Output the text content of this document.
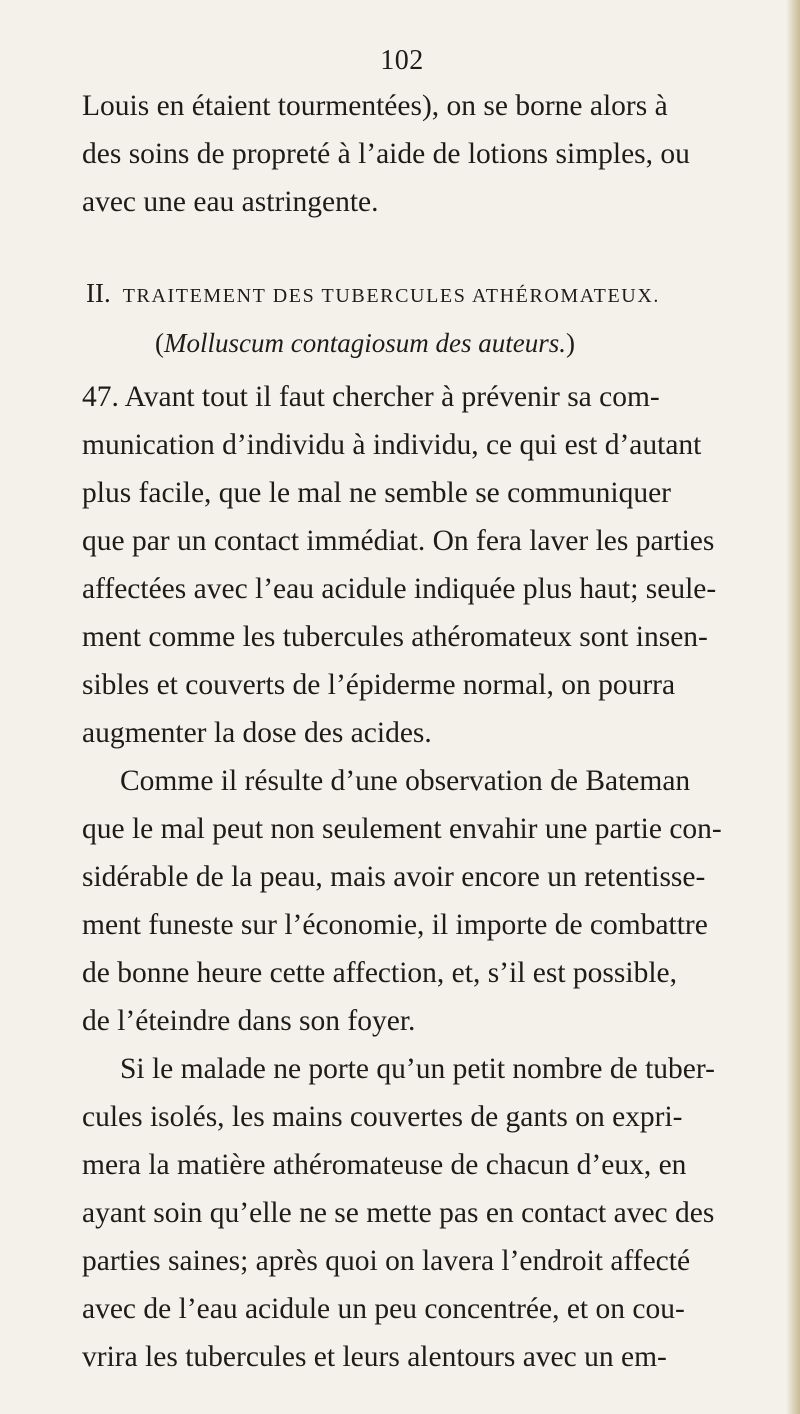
102
Louis en étaient tourmentées), on se borne alors à
des soins de propreté à l’aide de lotions simples, ou
avec une eau astringente.
II. TRAITEMENT DES TUBERCULES ATHÉROMATEUX.
(Molluscum contagiosum des auteurs.)
47. Avant tout il faut chercher à prévenir sa com-
munication d’individu à individu, ce qui est d’autant
plus facile, que le mal ne semble se communiquer
que par un contact immédiat. On fera laver les parties
affectées avec l’eau acidule indiquée plus haut; seule-
ment comme les tubercules athéromateux sont insen-
sibles et couverts de l’épiderme normal, on pourra
augmenter la dose des acides.
Comme il résulte d’une observation de Bateman
que le mal peut non seulement envahir une partie con-
sidérable de la peau, mais avoir encore un retentisse-
ment funeste sur l’économie, il importe de combattre
de bonne heure cette affection, et, s’il est possible,
de l’éteindre dans son foyer.
Si le malade ne porte qu’un petit nombre de tuber-
cules isolés, les mains couvertes de gants on expri-
mera la matière athéromateuse de chacun d’eux, en
ayant soin qu’elle ne se mette pas en contact avec des
parties saines; après quoi on lavera l’endroit affecté
avec de l’eau acidule un peu concentrée, et on cou-
vrira les tubercules et leurs alentours avec un em-
